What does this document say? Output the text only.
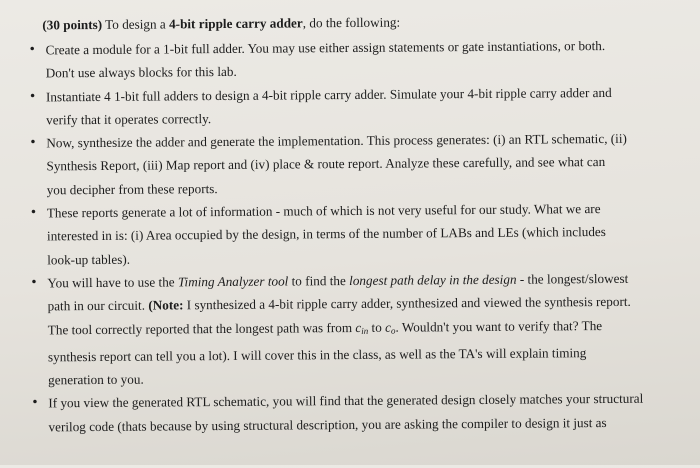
(30 points) To design a 4-bit ripple carry adder, do the following:
• Create a module for a 1-bit full adder. You may use either assign statements or gate instantiations, or both.
Don't use always blocks for this lab.
• Instantiate 4 1-bit full adders to design a 4-bit ripple carry adder. Simulate your 4-bit ripple carry adder and
verify that it operates correctly.
• Now, synthesize the adder and generate the implementation. This process generates: (i) an RTL schematic, (ii)
Synthesis Report, (iii) Map report and (iv) place & route report. Analyze these carefully, and see what can
you decipher from these reports.
• These reports generate a lot of information - much of which is not very useful for our study. What we are
interested in is: (i) Area occupied by the design, in terms of the number of LABs and LEs (which includes
look-up tables).
• You will have to use the Timing Analyzer tool to find the longest path delay in the design - the longest/slowest
path in our circuit. (Note: I synthesized a 4-bit ripple carry adder, synthesized and viewed the synthesis report.
The tool correctly reported that the longest path was from $c_{in}$ to $c_o$. Wouldn't you want to verify that? The
synthesis report can tell you a lot). I will cover this in the class, as well as the TA's will explain timing
generation to you.
• If you view the generated RTL schematic, you will find that the generated design closely matches your structural
verilog code (thats because by using structural description, you are asking the compiler to design it just as
